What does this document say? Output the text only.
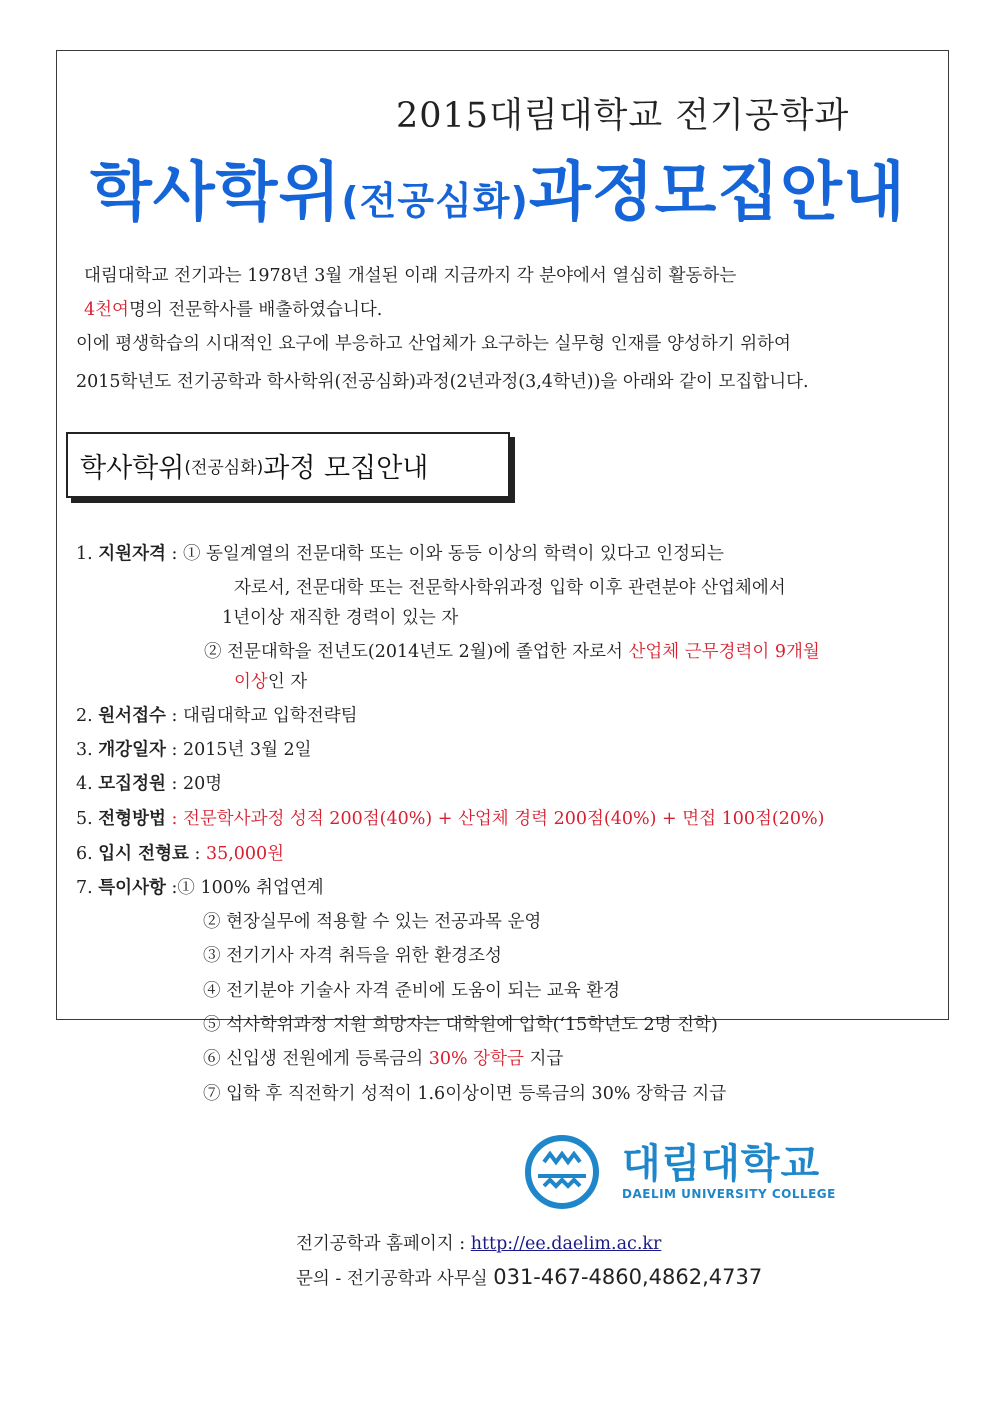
2015대림대학교 전기공학과
학사학위(전공심화)과정모집안내
대림대학교 전기과는 1978년 3월 개설된 이래 지금까지 각 분야에서 열심히 활동하는
4천여명의 전문학사를 배출하였습니다.
이에 평생학습의 시대적인 요구에 부응하고 산업체가 요구하는 실무형 인재를 양성하기 위하여
2015학년도 전기공학과 학사학위(전공심화)과정(2년과정(3,4학년))을 아래와 같이 모집합니다.
학사학위 (전공심화) 과정 모집안내
1. 지원자격 : ① 동일계열의 전문대학 또는 이와 동등 이상의 학력이 있다고 인정되는
자로서, 전문대학 또는 전문학사학위과정 입학 이후 관련분야 산업체에서
1년이상 재직한 경력이 있는 자
② 전문대학을 전년도(2014년도 2월)에 졸업한 자로서 산업체 근무경력이 9개월
이상인 자
2. 원서접수 : 대림대학교 입학전략팀
3. 개강일자 : 2015년 3월 2일
4. 모집정원 : 20명
5. 전형방법 : 전문학사과정 성적 200점(40%) + 산업체 경력 200점(40%) + 면접 100점(20%)
6. 입시 전형료 : 35,000원
7. 특이사항 :① 100% 취업연계
② 현장실무에 적용할 수 있는 전공과목 운영
③ 전기기사 자격 취득을 위한 환경조성
④ 전기분야 기술사 자격 준비에 도움이 되는 교육 환경
⑤ 석사학위과정 지원 희망자는 대학원에 입학(‘15학년도 2명 진학)
⑥ 신입생 전원에게 등록금의 30% 장학금 지급
⑦ 입학 후 직전학기 성적이 1.6이상이면 등록금의 30% 장학금 지급
대림대학교
DAELIM UNIVERSITY COLLEGE
전기공학과 홈페이지 : http://ee.daelim.ac.kr
문의 - 전기공학과 사무실 031-467-4860,4862,4737
